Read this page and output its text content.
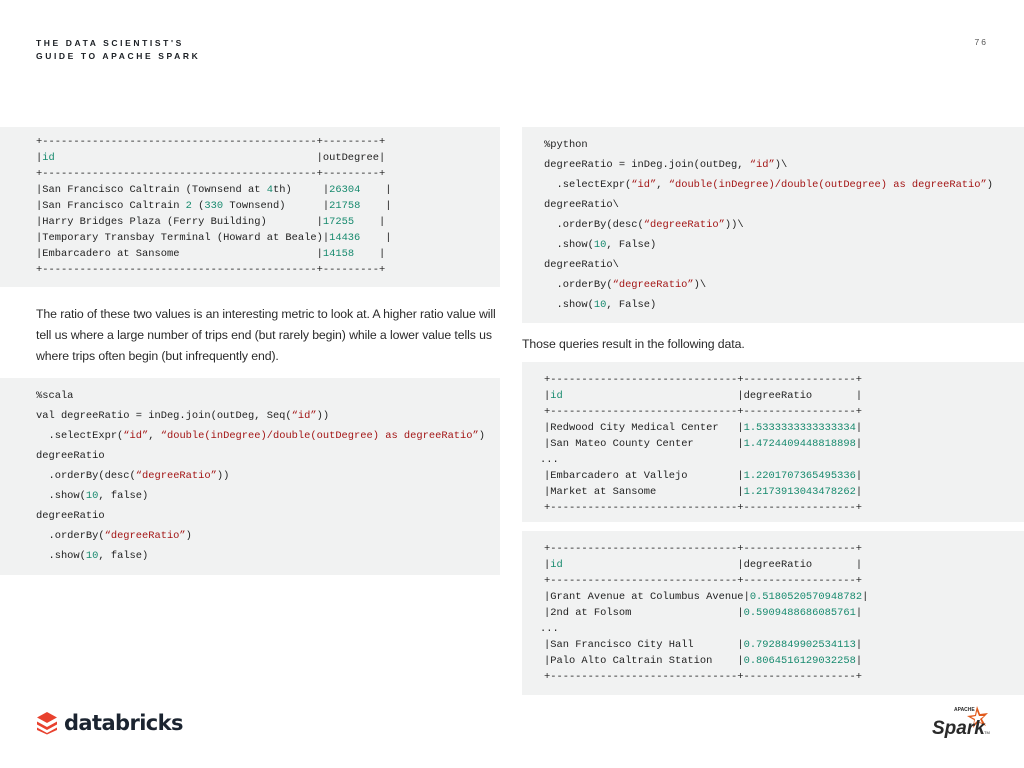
THE DATA SCIENTIST'S
GUIDE TO APACHE SPARK
76
+--------------------------------------------+---------+
|id                                          |outDegree|
+--------------------------------------------+---------+
|San Francisco Caltrain (Townsend at 4th)	|26304 |
|San Francisco Caltrain 2 (330 Townsend)	|21758 |
|Harry Bridges Plaza (Ferry Building)	|17255 |
|Temporary Transbay Terminal (Howard at Beale)|14436 |
|Embarcadero at Sansome	|14158 |
+--------------------------------------------+---------+
The ratio of these two values is an interesting metric to look at. A higher ratio value will tell us where a large number of trips end (but rarely begin) while a lower value tells us where trips often begin (but infrequently end).
%scala
val degreeRatio = inDeg.join(outDeg, Seq(“id”))
.selectExpr(“id”, “double(inDegree)/double(outDegree) as degreeRatio”)
degreeRatio
.orderBy(desc(“degreeRatio”))
.show(10, false)
degreeRatio
.orderBy(“degreeRatio”)
.show(10, false)
%python
degreeRatio = inDeg.join(outDeg, “id”)\
.selectExpr(“id”, “double(inDegree)/double(outDegree) as degreeRatio”)
degreeRatio\
.orderBy(desc(“degreeRatio”))\
.show(10, False)
degreeRatio\
.orderBy(“degreeRatio”)\
.show(10, False)
Those queries result in the following data.
+------------------------------+------------------+
|id	|degreeRatio	|
+------------------------------+------------------+
|Redwood City Medical Center |1.5333333333333334|
|San Mateo County Center	|1.4724409448818898|
...
|Embarcadero at Vallejo	|1.2201707365495336|
|Market at Sansome	|1.2173913043478262|
+------------------------------+------------------+
+------------------------------+------------------+
|id	|degreeRatio	|
+------------------------------+------------------+
|Grant Avenue at Columbus Avenue|0.5180520570948782|
|2nd at Folsom	|0.5909488686085761|
...
|San Francisco City Hall	|0.7928849902534113|
|Palo Alto Caltrain Station |0.8064516129032258|
+------------------------------+------------------+
databricks
APACHE
Spark TM
